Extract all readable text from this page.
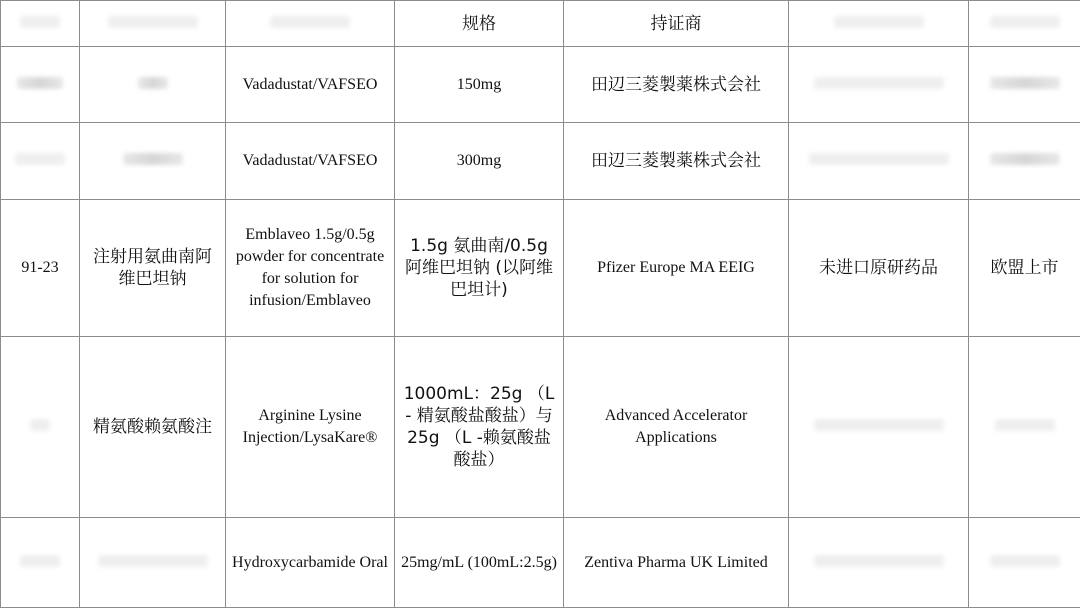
			规格	持证商		
		Vadadustat/VAFSEO	150mg	田辺三菱製薬株式会社		
		Vadadustat/VAFSEO	300mg	田辺三菱製薬株式会社		
91-23	注射用氨曲南阿维巴坦钠	Emblaveo 1.5g/0.5g powder for concentrate for solution for infusion/Emblaveo	1.5g 氨曲南/0.5g 阿维巴坦钠 (以阿维巴坦计)	Pfizer Europe MA EEIG	未进口原研药品	欧盟上市
	精氨酸赖氨酸注	Arginine Lysine Injection/LysaKare®	1000mL：25g （L - 精氨酸盐酸盐）与 25g （L -赖氨酸盐酸盐）	Advanced Accelerator Applications		
		Hydroxycarbamide Oral	25mg/mL (100mL:2.5g)	Zentiva Pharma UK Limited		
